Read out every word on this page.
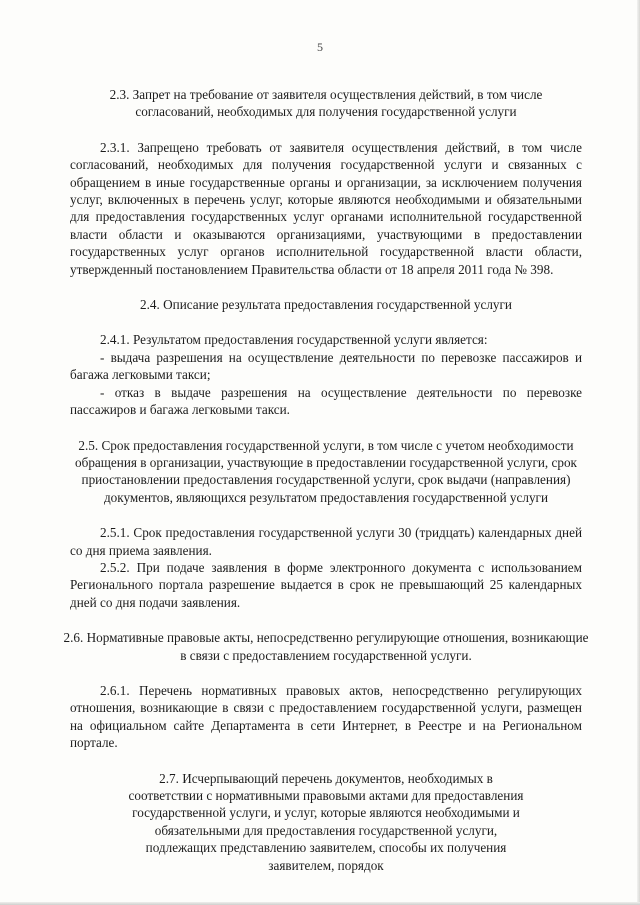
5

2.3. Запрет на требование от заявителя осуществления действий, в том числе согласований, необходимых для получения государственной услуги

2.3.1. Запрещено требовать от заявителя осуществления действий, в том числе согласований, необходимых для получения государственной услуги и связанных с обращением в иные государственные органы и организации, за исключением получения услуг, включенных в перечень услуг, которые являются необходимыми и обязательными для предоставления государственных услуг органами исполнительной государственной власти области и оказываются организациями, участвующими в предоставлении государственных услуг органов исполнительной государственной власти области, утвержденный постановлением Правительства области от 18 апреля 2011 года № 398.

2.4. Описание результата предоставления государственной услуги

2.4.1. Результатом предоставления государственной услуги является:

- выдача разрешения на осуществление деятельности по перевозке пассажиров и багажа легковыми такси;

- отказ в выдаче разрешения на осуществление деятельности по перевозке пассажиров и багажа легковыми такси.

2.5. Срок предоставления государственной услуги, в том числе с учетом необходимости обращения в организации, участвующие в предоставлении государственной услуги, срок приостановлении предоставления государственной услуги, срок выдачи (направления) документов, являющихся результатом предоставления государственной услуги

2.5.1. Срок предоставления государственной услуги 30 (тридцать) календарных дней со дня приема заявления.

2.5.2. При подаче заявления в форме электронного документа с использованием Регионального портала разрешение выдается в срок не превышающий 25 календарных дней со дня подачи заявления.

2.6. Нормативные правовые акты, непосредственно регулирующие отношения, возникающие в связи с предоставлением государственной услуги.

2.6.1. Перечень нормативных правовых актов, непосредственно регулирующих отношения, возникающие в связи с предоставлением государственной услуги, размещен на официальном сайте Департамента в сети Интернет, в Реестре и на Региональном портале.

2.7. Исчерпывающий перечень документов, необходимых в соответствии с нормативными правовыми актами для предоставления государственной услуги, и услуг, которые являются необходимыми и обязательными для предоставления государственной услуги, подлежащих представлению заявителем, способы их получения заявителем, порядок
